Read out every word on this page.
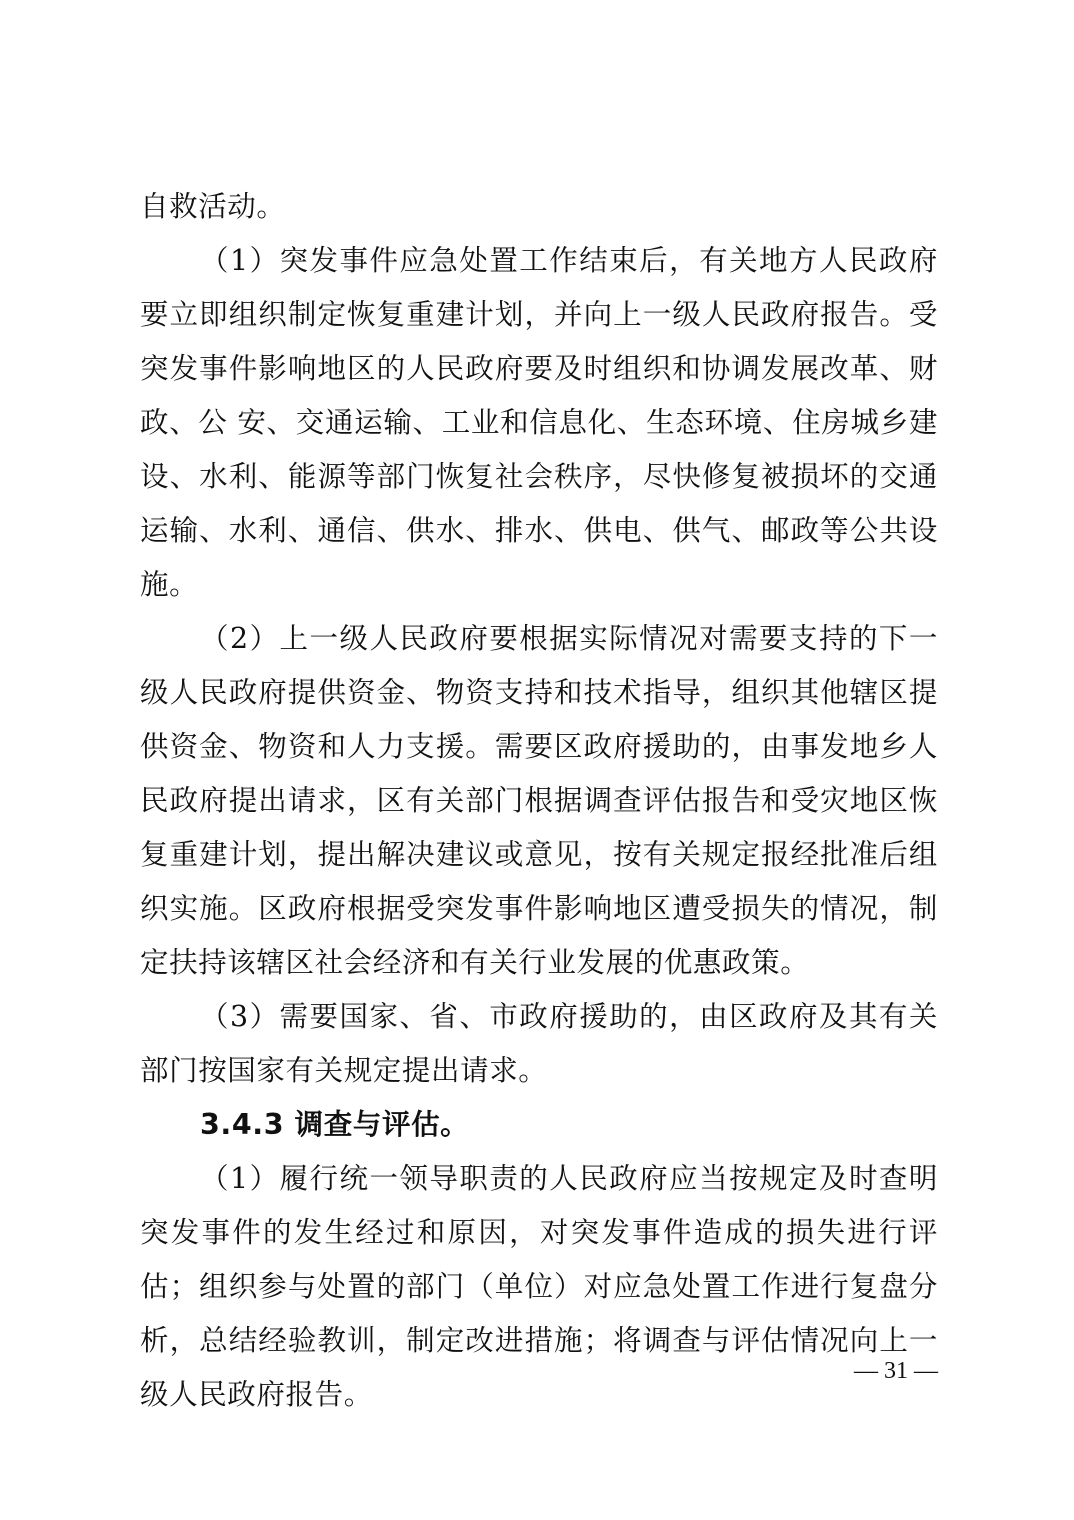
自救活动。

（1）突发事件应急处置工作结束后，有关地方人民政府要立即组织制定恢复重建计划，并向上一级人民政府报告。受突发事件影响地区的人民政府要及时组织和协调发展改革、财政、公 安、交通运输、工业和信息化、生态环境、住房城乡建设、水利、能源等部门恢复社会秩序，尽快修复被损坏的交通运输、水利、通信、供水、排水、供电、供气、邮政等公共设施。

（2）上一级人民政府要根据实际情况对需要支持的下一级人民政府提供资金、物资支持和技术指导，组织其他辖区提供资金、物资和人力支援。需要区政府援助的，由事发地乡人民政府提出请求，区有关部门根据调查评估报告和受灾地区恢复重建计划，提出解决建议或意见，按有关规定报经批准后组织实施。区政府根据受突发事件影响地区遭受损失的情况，制定扶持该辖区社会经济和有关行业发展的优惠政策。

（3）需要国家、省、市政府援助的，由区政府及其有关部门按国家有关规定提出请求。

3.4.3 调查与评估。

（1）履行统一领导职责的人民政府应当按规定及时查明突发事件的发生经过和原因，对突发事件造成的损失进行评估；组织参与处置的部门（单位）对应急处置工作进行复盘分析，总结经验教训，制定改进措施；将调查与评估情况向上一级人民政府报告。

— 31 —
